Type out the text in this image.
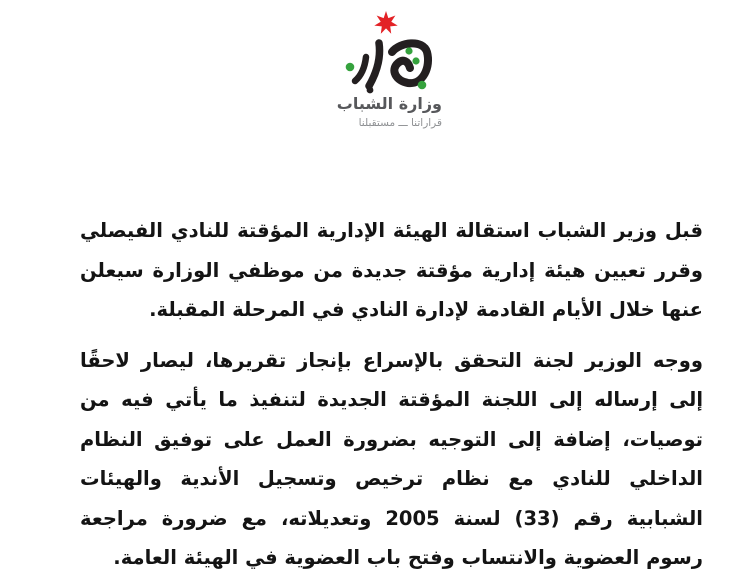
وزارة الشباب
قراراتنا ـــ مستقبلنا

قبل وزير الشباب استقالة الهيئة الإدارية المؤقتة للنادي الفيصلي وقرر تعيين هيئة إدارية مؤقتة جديدة من موظفي الوزارة سيعلن عنها خلال الأيام القادمة لإدارة النادي في المرحلة المقبلة.

ووجه الوزير لجنة التحقق بالإسراع بإنجاز تقريرها، ليصار لاحقًا إلى إرساله إلى اللجنة المؤقتة الجديدة لتنفيذ ما يأتي فيه من توصيات، إضافة إلى التوجيه بضرورة العمل على توفيق النظام الداخلي للنادي مع نظام ترخيص وتسجيل الأندية والهيئات الشبابية رقم (33) لسنة 2005 وتعديلاته، مع ضرورة مراجعة رسوم العضوية والانتساب وفتح باب العضوية في الهيئة العامة.
